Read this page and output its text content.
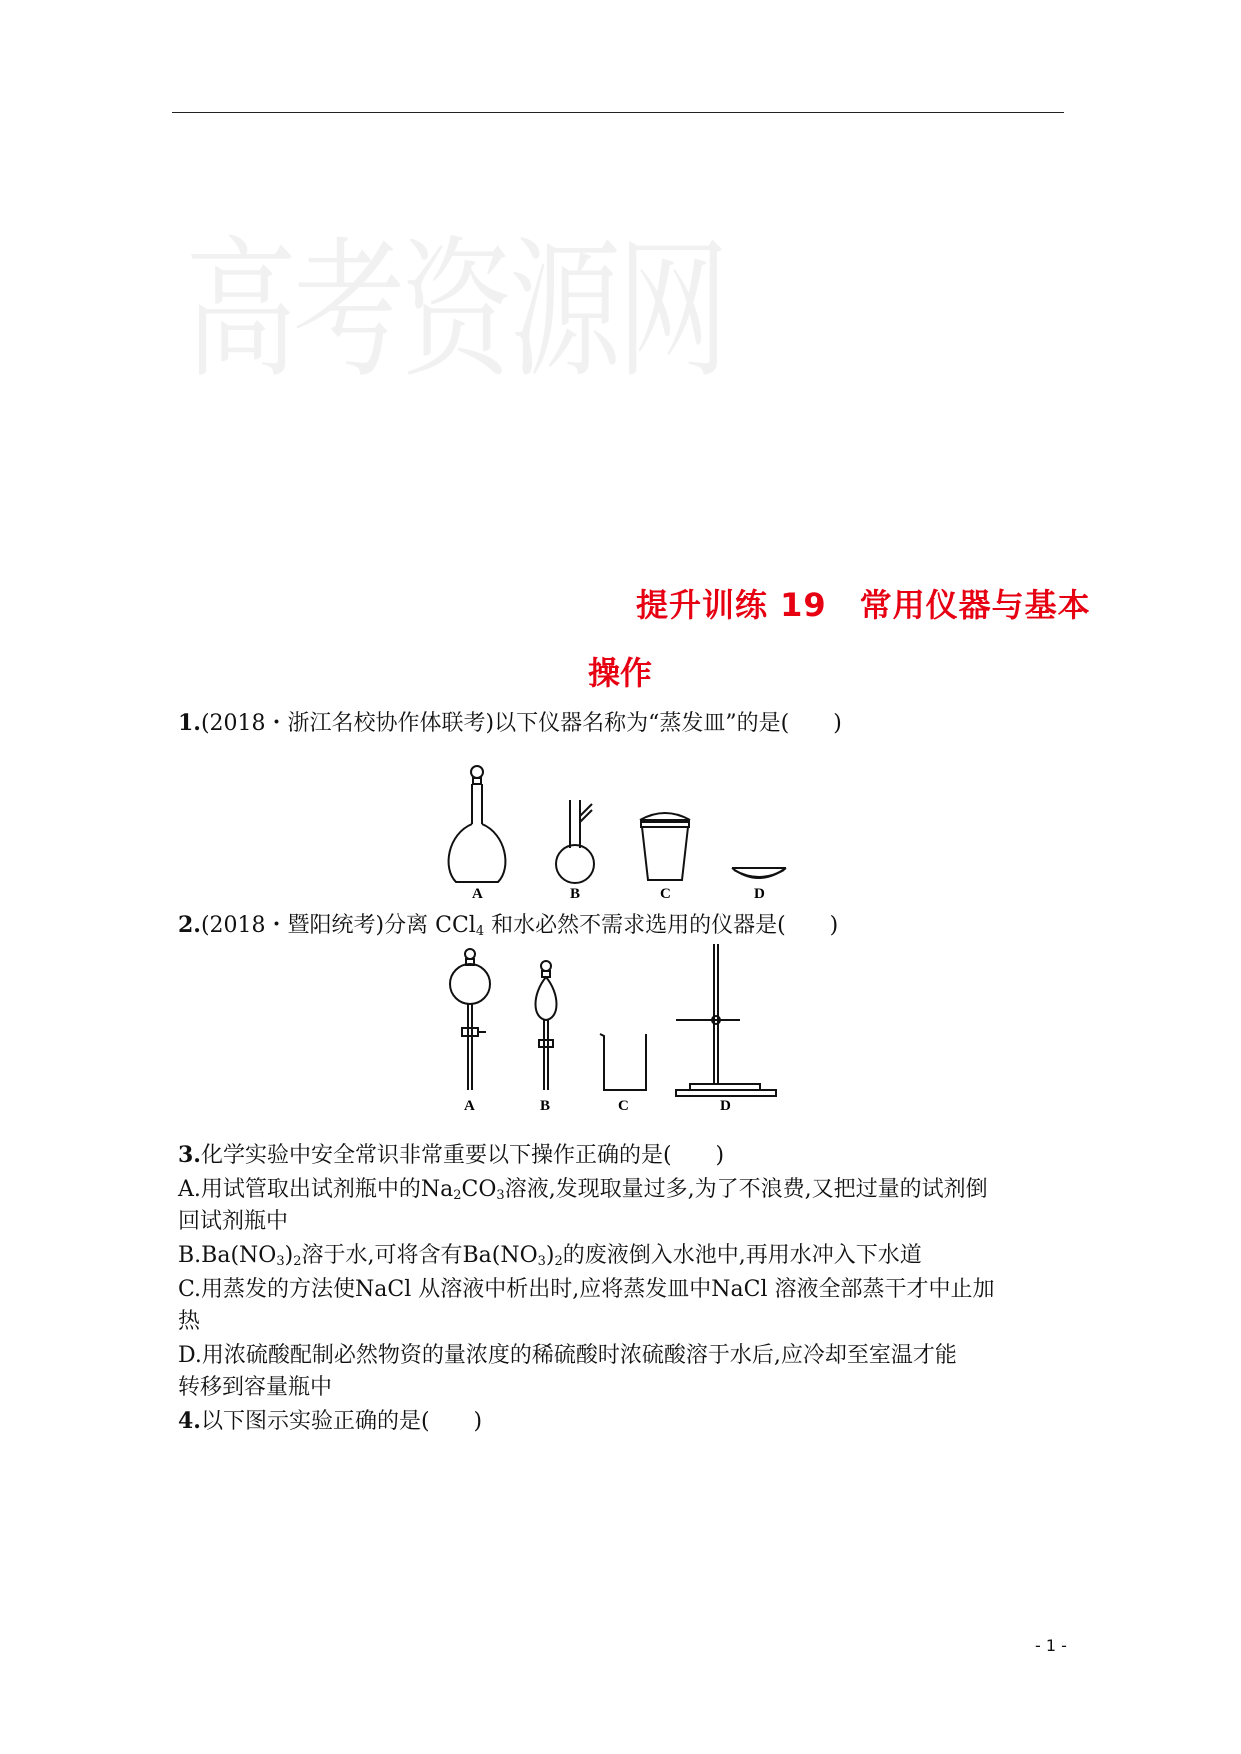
高考资源网
提升训练 19　常用仪器与基本
操作
1.(2018・浙江名校协作体联考)以下仪器名称为“蒸发皿”的是(　　)
A	B	C	D
2.(2018・暨阳统考)分离 CCl$_4$ 和水必然不需求选用的仪器是(　　)
A	B	C	D
3.化学实验中安全常识非常重要以下操作正确的是(　　)
A.用试管取出试剂瓶中的$Na_2CO_3$溶液,发现取量过多,为了不浪费,又把过量的试剂倒
回试剂瓶中
$B.Ba(NO_3)_2$溶于水,可将含有$Ba(NO_3)_2$的废液倒入水池中,再用水冲入下水道
C.用蒸发的方法使NaCl 从溶液中析出时,应将蒸发皿中NaCl 溶液全部蒸干才中止加
热
D.用浓硫酸配制必然物资的量浓度的稀硫酸时浓硫酸溶于水后,应冷却至室温才能
转移到容量瓶中
4.以下图示实验正确的是(　　)
- 1 -
